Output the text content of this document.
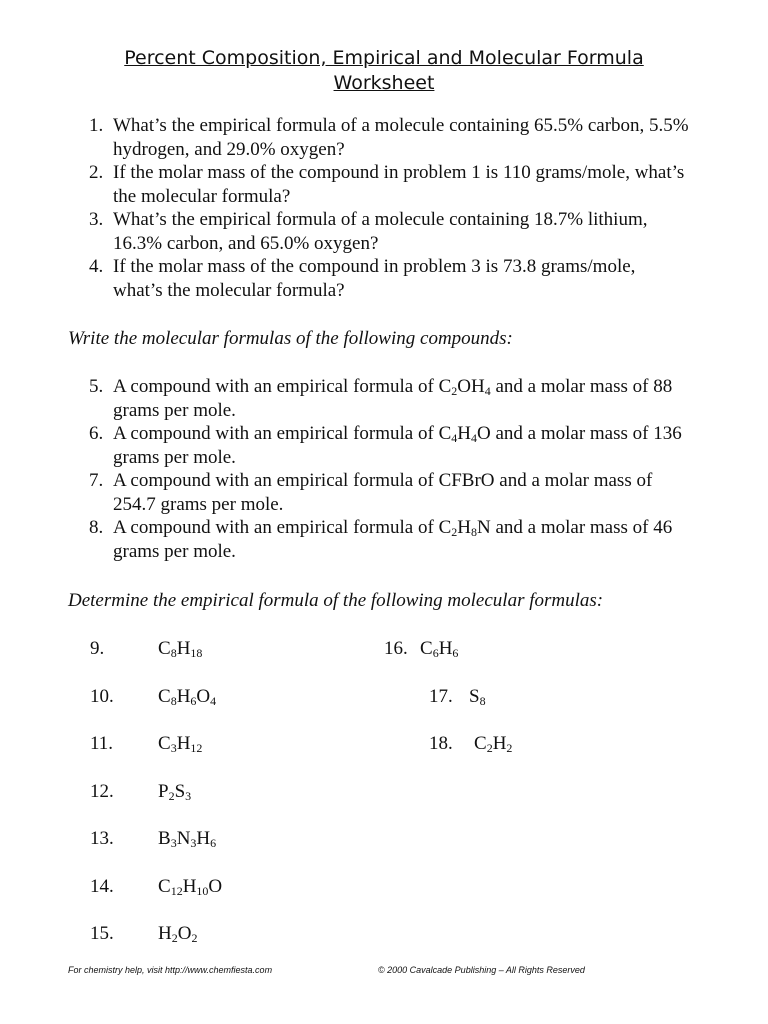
Percent Composition, Empirical and Molecular Formula
Worksheet
1. What’s the empirical formula of a molecule containing 65.5% carbon, 5.5%
hydrogen, and 29.0% oxygen?
2. If the molar mass of the compound in problem 1 is 110 grams/mole, what’s
the molecular formula?
3. What’s the empirical formula of a molecule containing 18.7% lithium,
16.3% carbon, and 65.0% oxygen?
4. If the molar mass of the compound in problem 3 is 73.8 grams/mole,
what’s the molecular formula?
Write the molecular formulas of the following compounds:
5. A compound with an empirical formula of $C_2OH_4$ and a molar mass of 88
grams per mole.
6. A compound with an empirical formula of $C_4H_4O$ and a molar mass of 136
grams per mole.
7. A compound with an empirical formula of CFBrO and a molar mass of
254.7 grams per mole.
8. A compound with an empirical formula of $C_2H_8N$ and a molar mass of 46
grams per mole.
Determine the empirical formula of the following molecular formulas:
9.	$C_8H_{18}$
10. $C_8H_6O_4$
11. $C_3H_{12}$
12. $P_2S_3$
13. $B_3N_3H_6$
14. $C_{12}H_{10}O$
15. $H_2O_2$
16. $C_6H_6$
17. $S_8$
18. $C_2H_2$
For chemistry help, visit http://www.chemfiesta.com	© 2000 Cavalcade Publishing – All Rights Reserved
